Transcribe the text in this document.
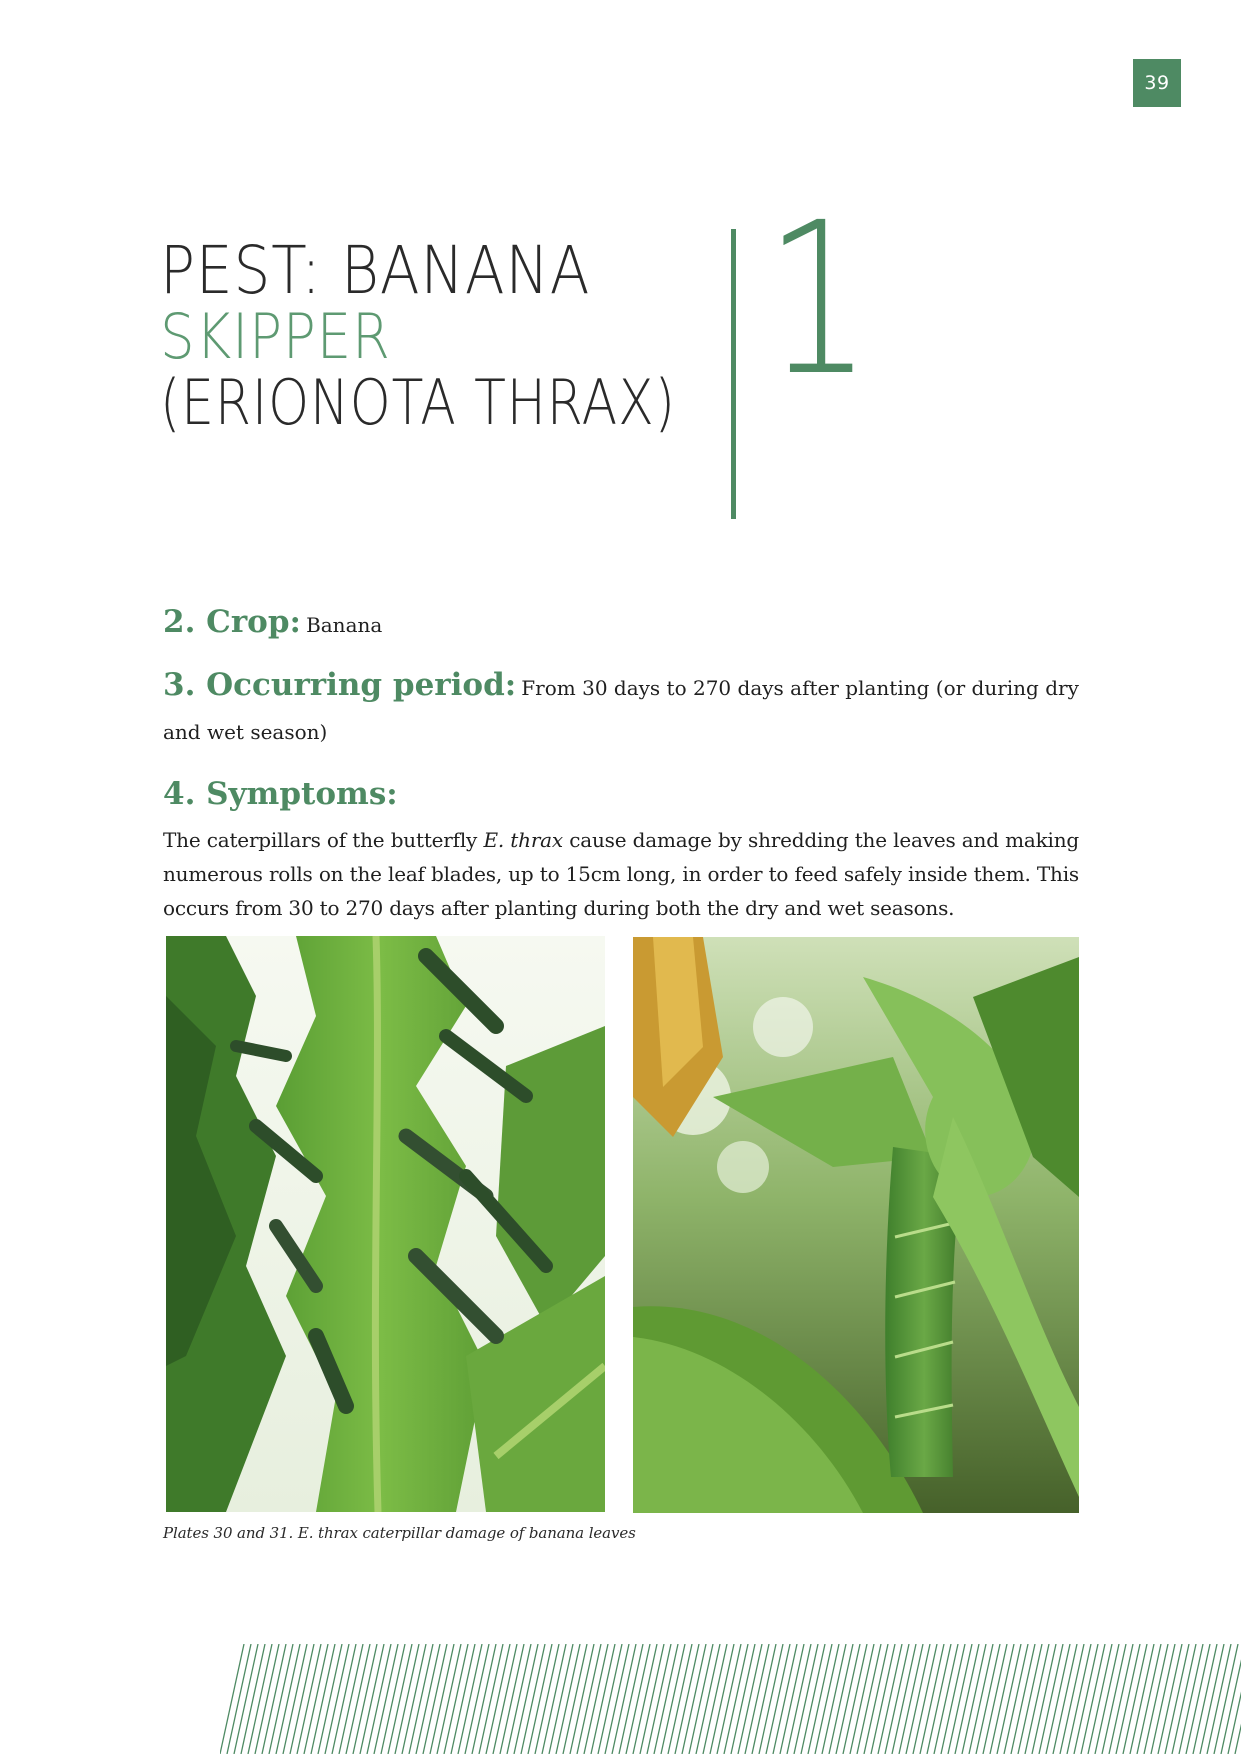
39
PEST: BANANA
SKIPPER
(ERIONOTA THRAX) 1
2. Crop: Banana
3. Occurring period: From 30 days to 270 days after planting (or during dry and wet season)
4. Symptoms:
The caterpillars of the butterfly E. thrax cause damage by shredding the leaves and making numerous rolls on the leaf blades, up to 15cm long, in order to feed safely inside them. This occurs from 30 to 270 days after planting during both the dry and wet seasons.
Plates 30 and 31. E. thrax caterpillar damage of banana leaves
